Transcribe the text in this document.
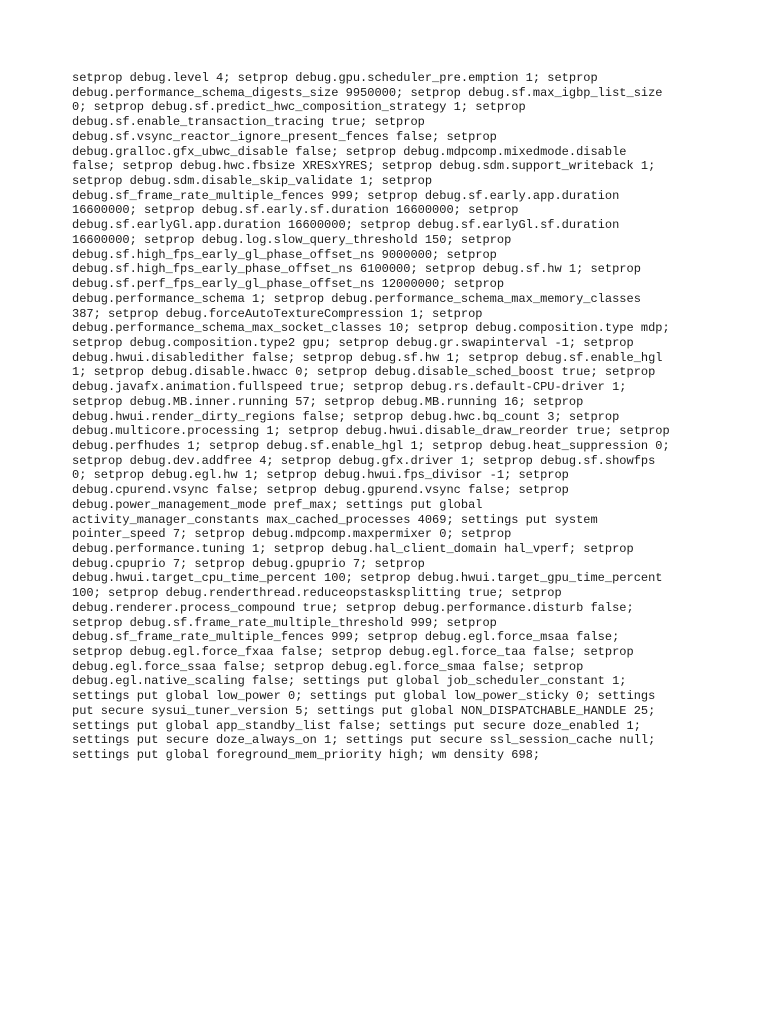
setprop debug.level 4; setprop debug.gpu.scheduler_pre.emption 1; setprop
debug.performance_schema_digests_size 9950000; setprop debug.sf.max_igbp_list_size
0; setprop debug.sf.predict_hwc_composition_strategy 1; setprop
debug.sf.enable_transaction_tracing true; setprop
debug.sf.vsync_reactor_ignore_present_fences false; setprop
debug.gralloc.gfx_ubwc_disable false; setprop debug.mdpcomp.mixedmode.disable
false; setprop debug.hwc.fbsize XRESxYRES; setprop debug.sdm.support_writeback 1;
setprop debug.sdm.disable_skip_validate 1; setprop
debug.sf_frame_rate_multiple_fences 999; setprop debug.sf.early.app.duration
16600000; setprop debug.sf.early.sf.duration 16600000; setprop
debug.sf.earlyGl.app.duration 16600000; setprop debug.sf.earlyGl.sf.duration
16600000; setprop debug.log.slow_query_threshold 150; setprop
debug.sf.high_fps_early_gl_phase_offset_ns 9000000; setprop
debug.sf.high_fps_early_phase_offset_ns 6100000; setprop debug.sf.hw 1; setprop
debug.sf.perf_fps_early_gl_phase_offset_ns 12000000; setprop
debug.performance_schema 1; setprop debug.performance_schema_max_memory_classes
387; setprop debug.forceAutoTextureCompression 1; setprop
debug.performance_schema_max_socket_classes 10; setprop debug.composition.type mdp;
setprop debug.composition.type2 gpu; setprop debug.gr.swapinterval -1; setprop
debug.hwui.disabledither false; setprop debug.sf.hw 1; setprop debug.sf.enable_hgl
1; setprop debug.disable.hwacc 0; setprop debug.disable_sched_boost true; setprop
debug.javafx.animation.fullspeed true; setprop debug.rs.default-CPU-driver 1;
setprop debug.MB.inner.running 57; setprop debug.MB.running 16; setprop
debug.hwui.render_dirty_regions false; setprop debug.hwc.bq_count 3; setprop
debug.multicore.processing 1; setprop debug.hwui.disable_draw_reorder true; setprop
debug.perfhudes 1; setprop debug.sf.enable_hgl 1; setprop debug.heat_suppression 0;
setprop debug.dev.addfree 4; setprop debug.gfx.driver 1; setprop debug.sf.showfps
0; setprop debug.egl.hw 1; setprop debug.hwui.fps_divisor -1; setprop
debug.cpurend.vsync false; setprop debug.gpurend.vsync false; setprop
debug.power_management_mode pref_max; settings put global
activity_manager_constants max_cached_processes 4069; settings put system
pointer_speed 7; setprop debug.mdpcomp.maxpermixer 0; setprop
debug.performance.tuning 1; setprop debug.hal_client_domain hal_vperf; setprop
debug.cpuprio 7; setprop debug.gpuprio 7; setprop
debug.hwui.target_cpu_time_percent 100; setprop debug.hwui.target_gpu_time_percent
100; setprop debug.renderthread.reduceopstasksplitting true; setprop
debug.renderer.process_compound true; setprop debug.performance.disturb false;
setprop debug.sf.frame_rate_multiple_threshold 999; setprop
debug.sf_frame_rate_multiple_fences 999; setprop debug.egl.force_msaa false;
setprop debug.egl.force_fxaa false; setprop debug.egl.force_taa false; setprop
debug.egl.force_ssaa false; setprop debug.egl.force_smaa false; setprop
debug.egl.native_scaling false; settings put global job_scheduler_constant 1;
settings put global low_power 0; settings put global low_power_sticky 0; settings
put secure sysui_tuner_version 5; settings put global NON_DISPATCHABLE_HANDLE 25;
settings put global app_standby_list false; settings put secure doze_enabled 1;
settings put secure doze_always_on 1; settings put secure ssl_session_cache null;
settings put global foreground_mem_priority high; wm density 698;
